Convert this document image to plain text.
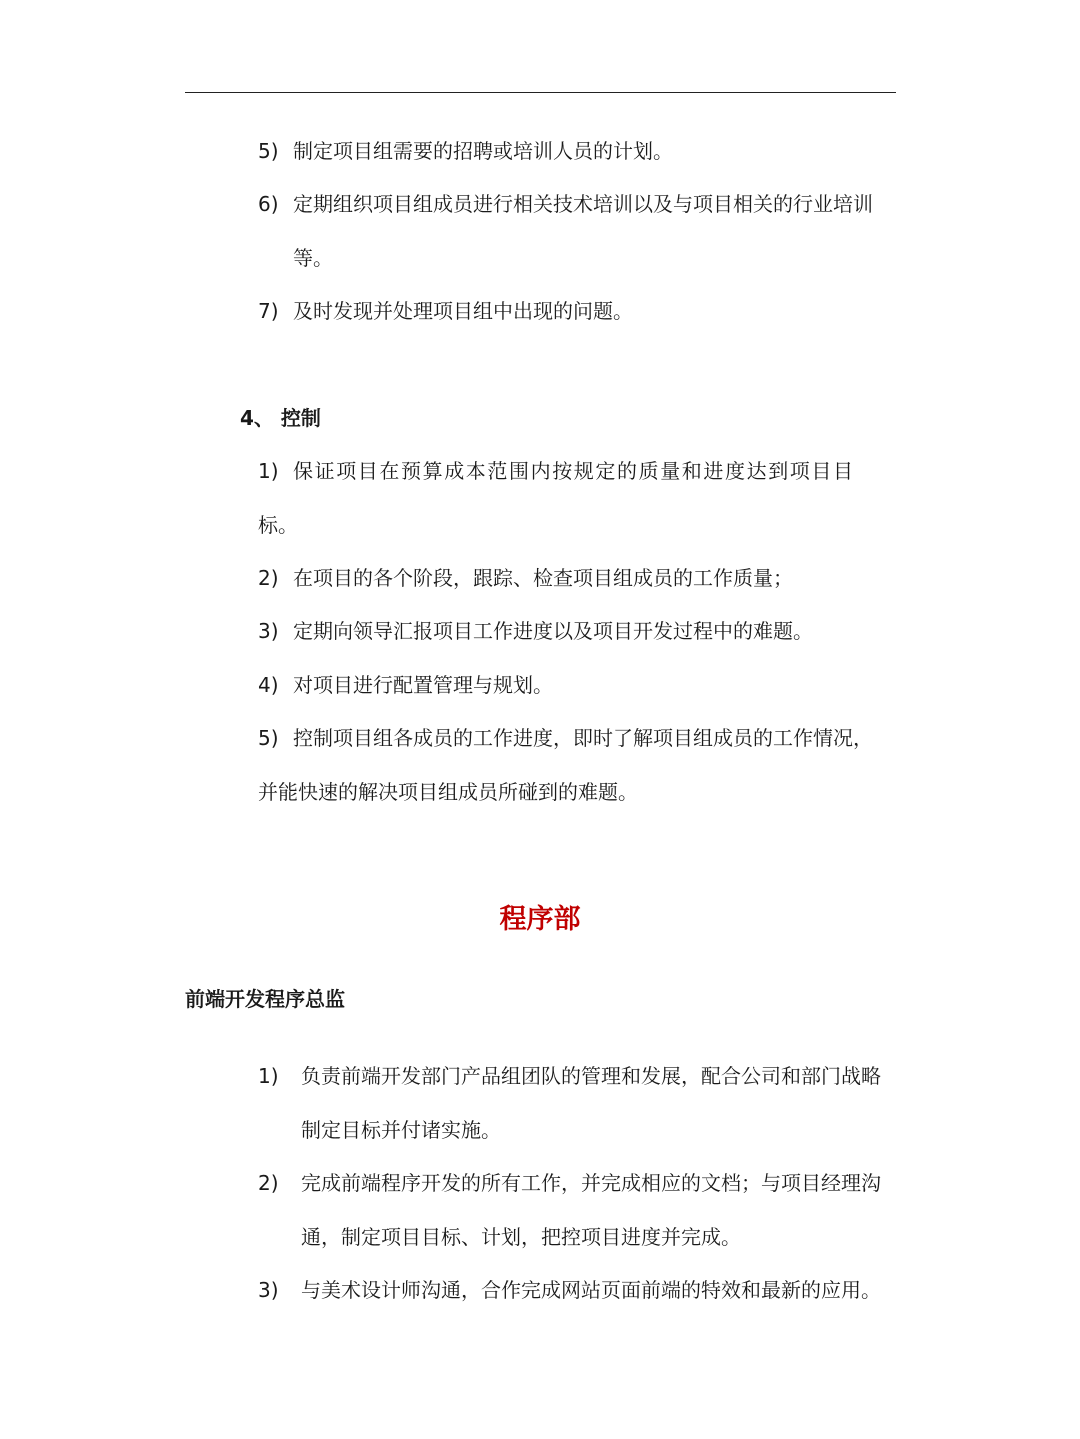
5) 制定项目组需要的招聘或培训人员的计划。
6) 定期组织项目组成员进行相关技术培训以及与项目相关的行业培训
等。
7) 及时发现并处理项目组中出现的问题。
4、 控制
1) 保证项目在预算成本范围内按规定的质量和进度达到项目目
标。
2) 在项目的各个阶段，跟踪、检查项目组成员的工作质量；
3) 定期向领导汇报项目工作进度以及项目开发过程中的难题。
4) 对项目进行配置管理与规划。
5) 控制项目组各成员的工作进度，即时了解项目组成员的工作情况，
并能快速的解决项目组成员所碰到的难题。
程序部
前端开发程序总监
1) 负责前端开发部门产品组团队的管理和发展，配合公司和部门战略
制定目标并付诸实施。
2) 完成前端程序开发的所有工作，并完成相应的文档；与项目经理沟
通，制定项目目标、计划，把控项目进度并完成。
3) 与美术设计师沟通，合作完成网站页面前端的特效和最新的应用。
